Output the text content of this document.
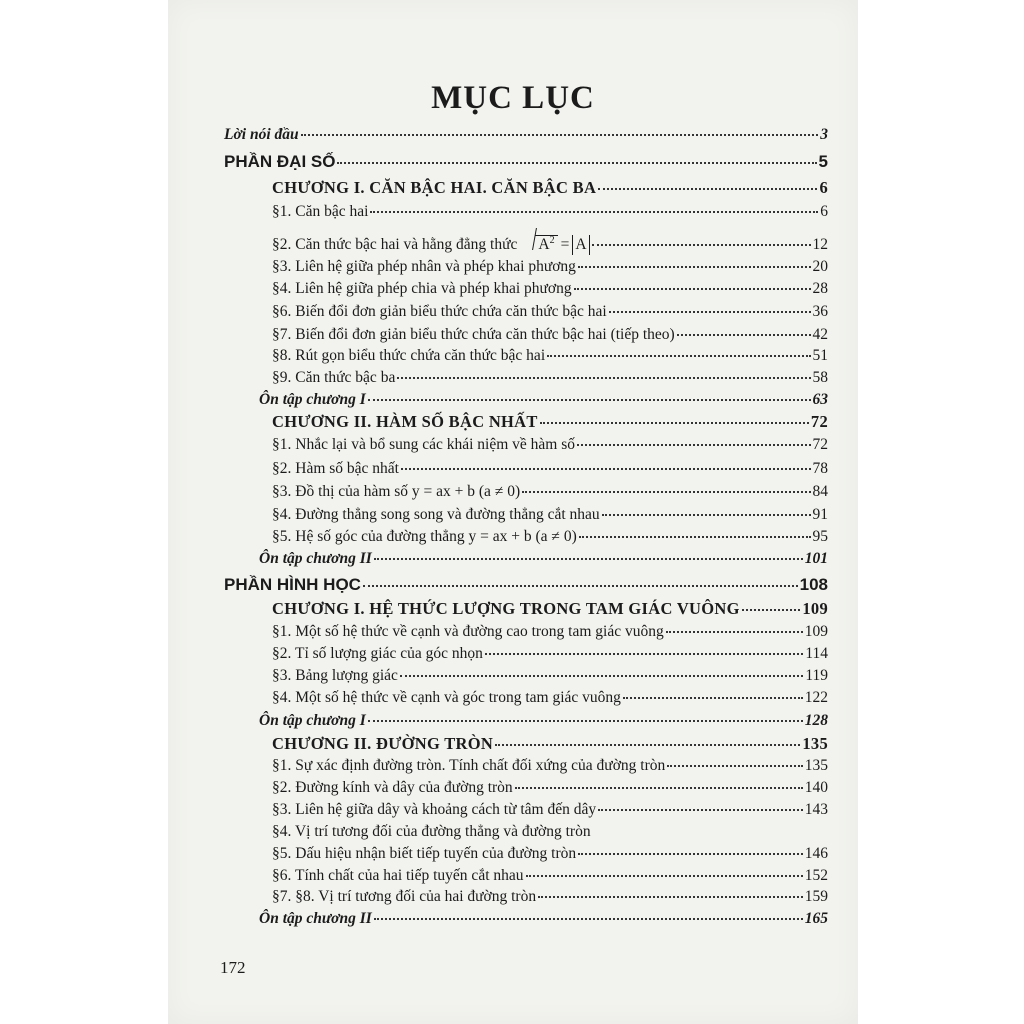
MỤC LỤC
Lời nói đầu	3
PHẦN ĐẠI SỐ	5
CHƯƠNG I. CĂN BẬC HAI. CĂN BẬC BA	6
§1. Căn bậc hai	6
§2. Căn thức bậc hai và hằng đẳng thức	$A^2 = A$	12
§3. Liên hệ giữa phép nhân và phép khai phương	20
§4. Liên hệ giữa phép chia và phép khai phương	28
§6. Biến đổi đơn giản biểu thức chứa căn thức bậc hai	36
§7. Biến đổi đơn giản biểu thức chứa căn thức bậc hai (tiếp theo)	42
§8. Rút gọn biểu thức chứa căn thức bậc hai	51
§9. Căn thức bậc ba	58
Ôn tập chương I	63
CHƯƠNG II. HÀM SỐ BẬC NHẤT	72
§1. Nhắc lại và bổ sung các khái niệm về hàm số	72
§2. Hàm số bậc nhất	78
§3. Đồ thị của hàm số y = ax + b (a ≠ 0)	84
§4. Đường thẳng song song và đường thẳng cắt nhau	91
§5. Hệ số góc của đường thẳng y = ax + b (a ≠ 0)	95
Ôn tập chương II	101
PHẦN HÌNH HỌC	108
CHƯƠNG I. HỆ THỨC LƯỢNG TRONG TAM GIÁC VUÔNG	109
§1. Một số hệ thức về cạnh và đường cao trong tam giác vuông	109
§2. Tỉ số lượng giác của góc nhọn	114
§3. Bảng lượng giác	119
§4. Một số hệ thức về cạnh và góc trong tam giác vuông	122
Ôn tập chương I	128
CHƯƠNG II. ĐƯỜNG TRÒN	135
§1. Sự xác định đường tròn. Tính chất đối xứng của đường tròn	135
§2. Đường kính và dây của đường tròn	140
§3. Liên hệ giữa dây và khoảng cách từ tâm đến dây	143
§4. Vị trí tương đối của đường thẳng và đường tròn
§5. Dấu hiệu nhận biết tiếp tuyến của đường tròn	146
§6. Tính chất của hai tiếp tuyến cắt nhau	152
§7. §8. Vị trí tương đối của hai đường tròn	159
Ôn tập chương II	165
172
